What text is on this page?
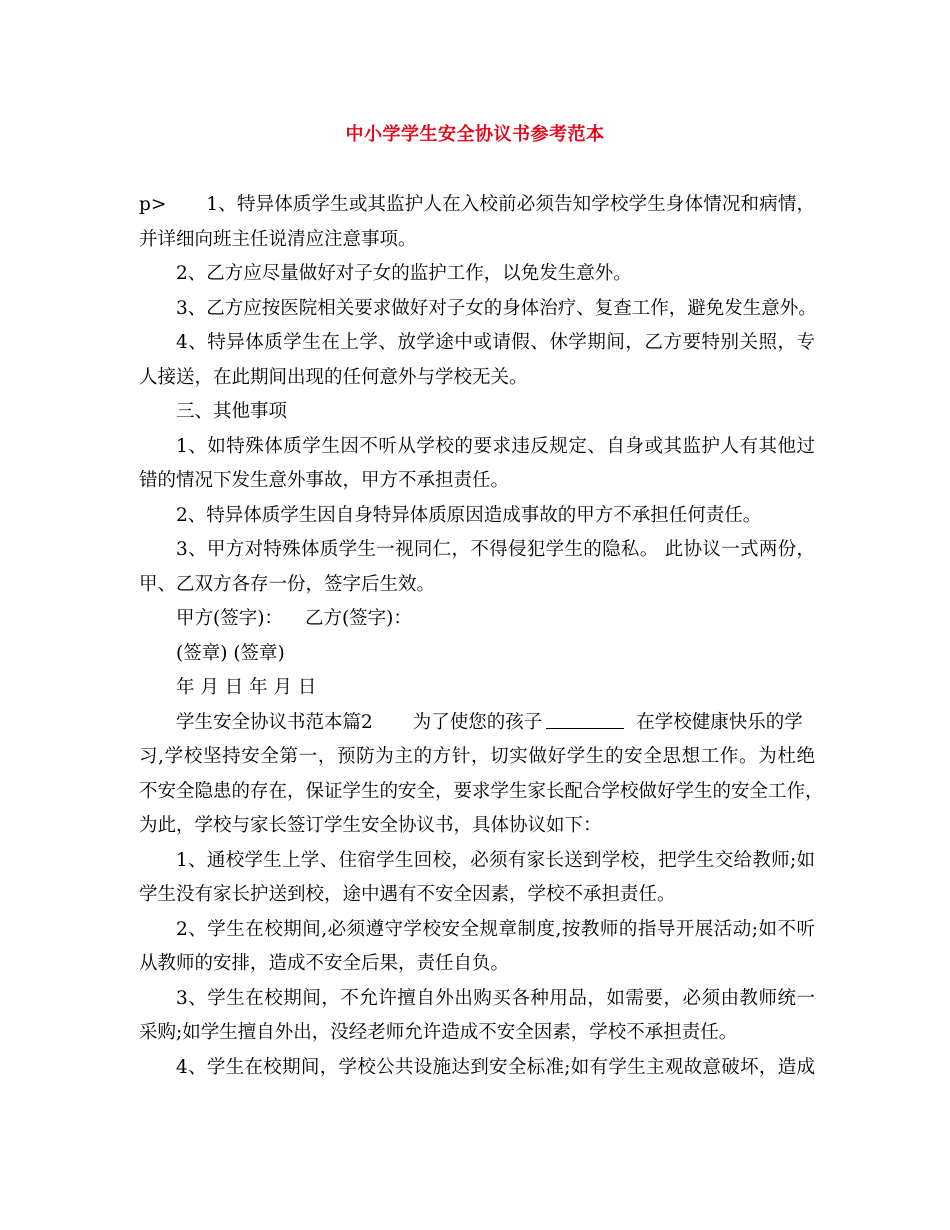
中小学学生安全协议书参考范本
p> 1、特异体质学生或其监护人在入校前必须告知学校学生身体情况和病情，
并详细向班主任说清应注意事项。
2、乙方应尽量做好对子女的监护工作，以免发生意外。
3、乙方应按医院相关要求做好对子女的身体治疗、复查工作，避免发生意外。
4、特异体质学生在上学、放学途中或请假、休学期间，乙方要特别关照，专
人接送，在此期间出现的任何意外与学校无关。
三、其他事项
1、如特殊体质学生因不听从学校的要求违反规定、自身或其监护人有其他过
错的情况下发生意外事故，甲方不承担责任。
2、特异体质学生因自身特异体质原因造成事故的甲方不承担任何责任。
3、甲方对特殊体质学生一视同仁，不得侵犯学生的隐私。 此协议一式两份，
甲、乙双方各存一份，签字后生效。
甲方(签字)： 乙方(签字)：
(签章) (签章)
年 月 日 年 月 日
学生安全协议书范本篇2 为了使您的孩子	在学校健康快乐的学
习,学校坚持安全第一，预防为主的方针，切实做好学生的安全思想工作。为杜绝
不安全隐患的存在，保证学生的安全，要求学生家长配合学校做好学生的安全工作，
为此，学校与家长签订学生安全协议书，具体协议如下：
1、通校学生上学、住宿学生回校，必须有家长送到学校，把学生交给教师;如
学生没有家长护送到校，途中遇有不安全因素，学校不承担责任。
2、学生在校期间,必须遵守学校安全规章制度,按教师的指导开展活动;如不听
从教师的安排，造成不安全后果，责任自负。
3、学生在校期间，不允许擅自外出购买各种用品，如需要，必须由教师统一
采购;如学生擅自外出，没经老师允许造成不安全因素，学校不承担责任。
4、学生在校期间，学校公共设施达到安全标准;如有学生主观故意破坏，造成
